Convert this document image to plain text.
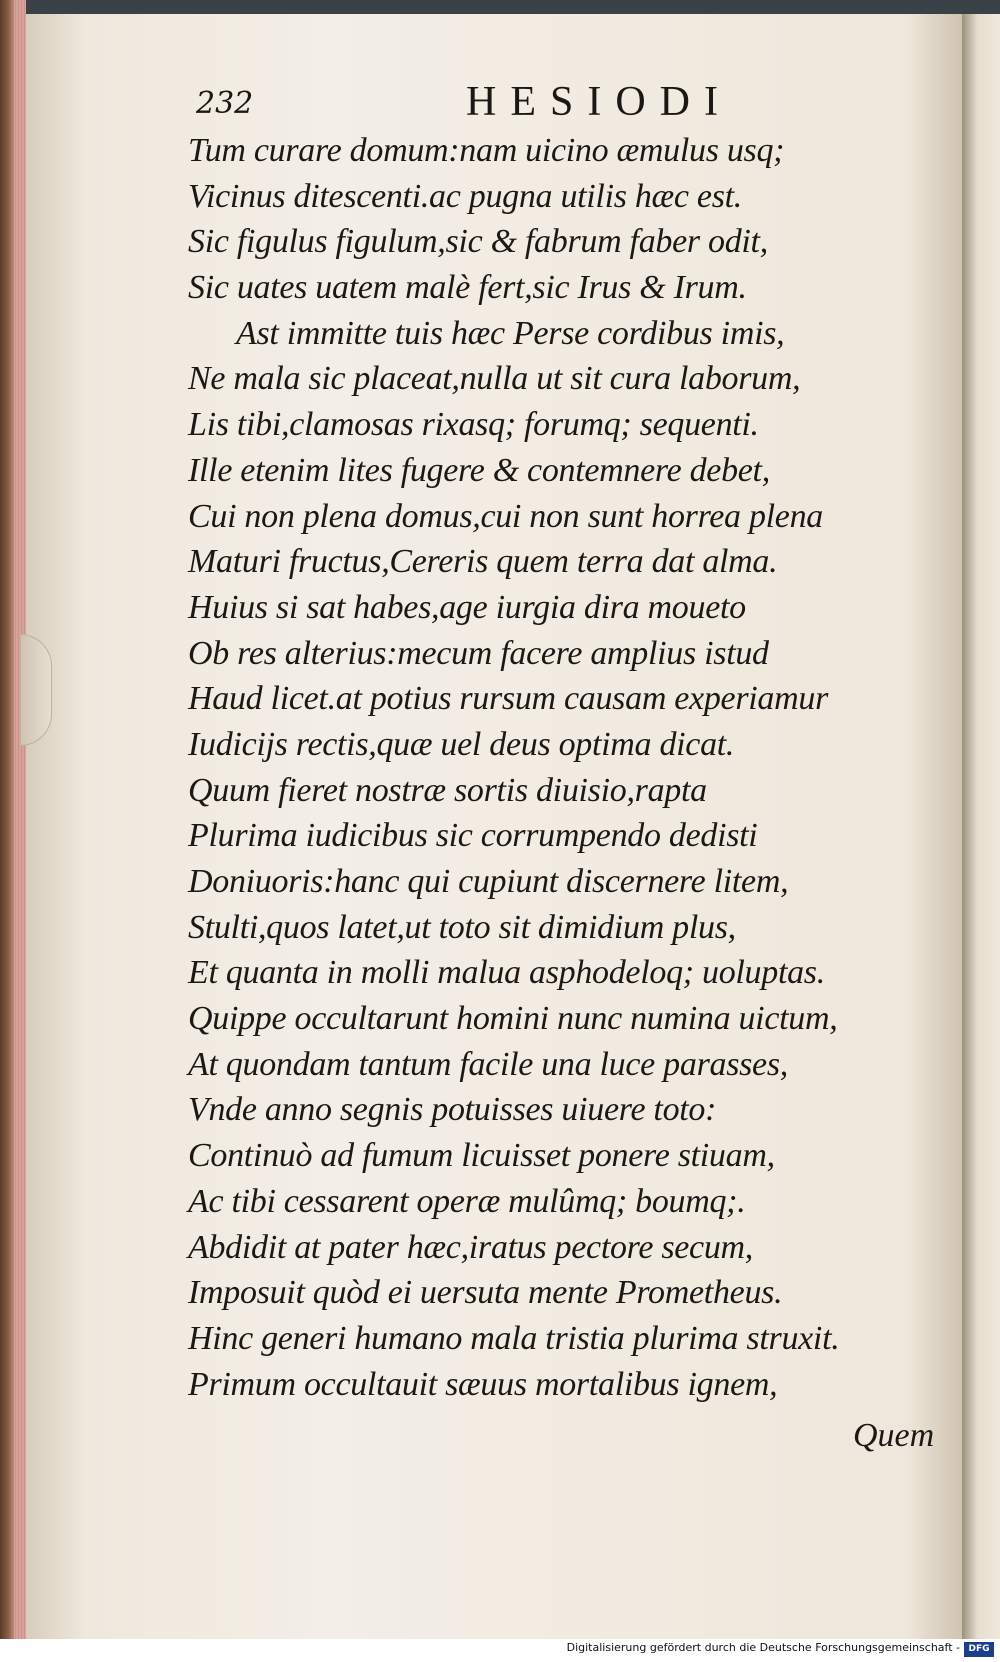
232	HESIODI
Tum curare domum:nam uicino æmulus usq;
Vicinus ditescenti.ac pugna utilis hæc est.
Sic figulus figulum,sic & fabrum faber odit,
Sic uates uatem malè fert,sic Irus & Irum.
Ast immitte tuis hæc Perse cordibus imis,
Ne mala sic placeat,nulla ut sit cura laborum,
Lis tibi,clamosas rixasq; forumq; sequenti.
Ille etenim lites fugere & contemnere debet,
Cui non plena domus,cui non sunt horrea plena
Maturi fructus,Cereris quem terra dat alma.
Huius si sat habes,age iurgia dira moueto
Ob res alterius:mecum facere amplius istud
Haud licet.at potius rursum causam experiamur
Iudicijs rectis,quæ uel deus optima dicat.
Quum fieret nostræ sortis diuisio,rapta
Plurima iudicibus sic corrumpendo dedisti
Doniuoris:hanc qui cupiunt discernere litem,
Stulti,quos latet,ut toto sit dimidium plus,
Et quanta in molli malua asphodeloq; uoluptas.
Quippe occultarunt homini nunc numina uictum,
At quondam tantum facile una luce parasses,
Vnde anno segnis potuisses uiuere toto:
Continuò ad fumum licuisset ponere stiuam,
Ac tibi cessarent operæ mulûmq; boumq;.
Abdidit at pater hæc,iratus pectore secum,
Imposuit quòd ei uersuta mente Prometheus.
Hinc generi humano mala tristia plurima struxit.
Primum occultauit sæuus mortalibus ignem,
Quem
Digitalisierung gefördert durch die Deutsche Forschungsgemeinschaft - DFG
